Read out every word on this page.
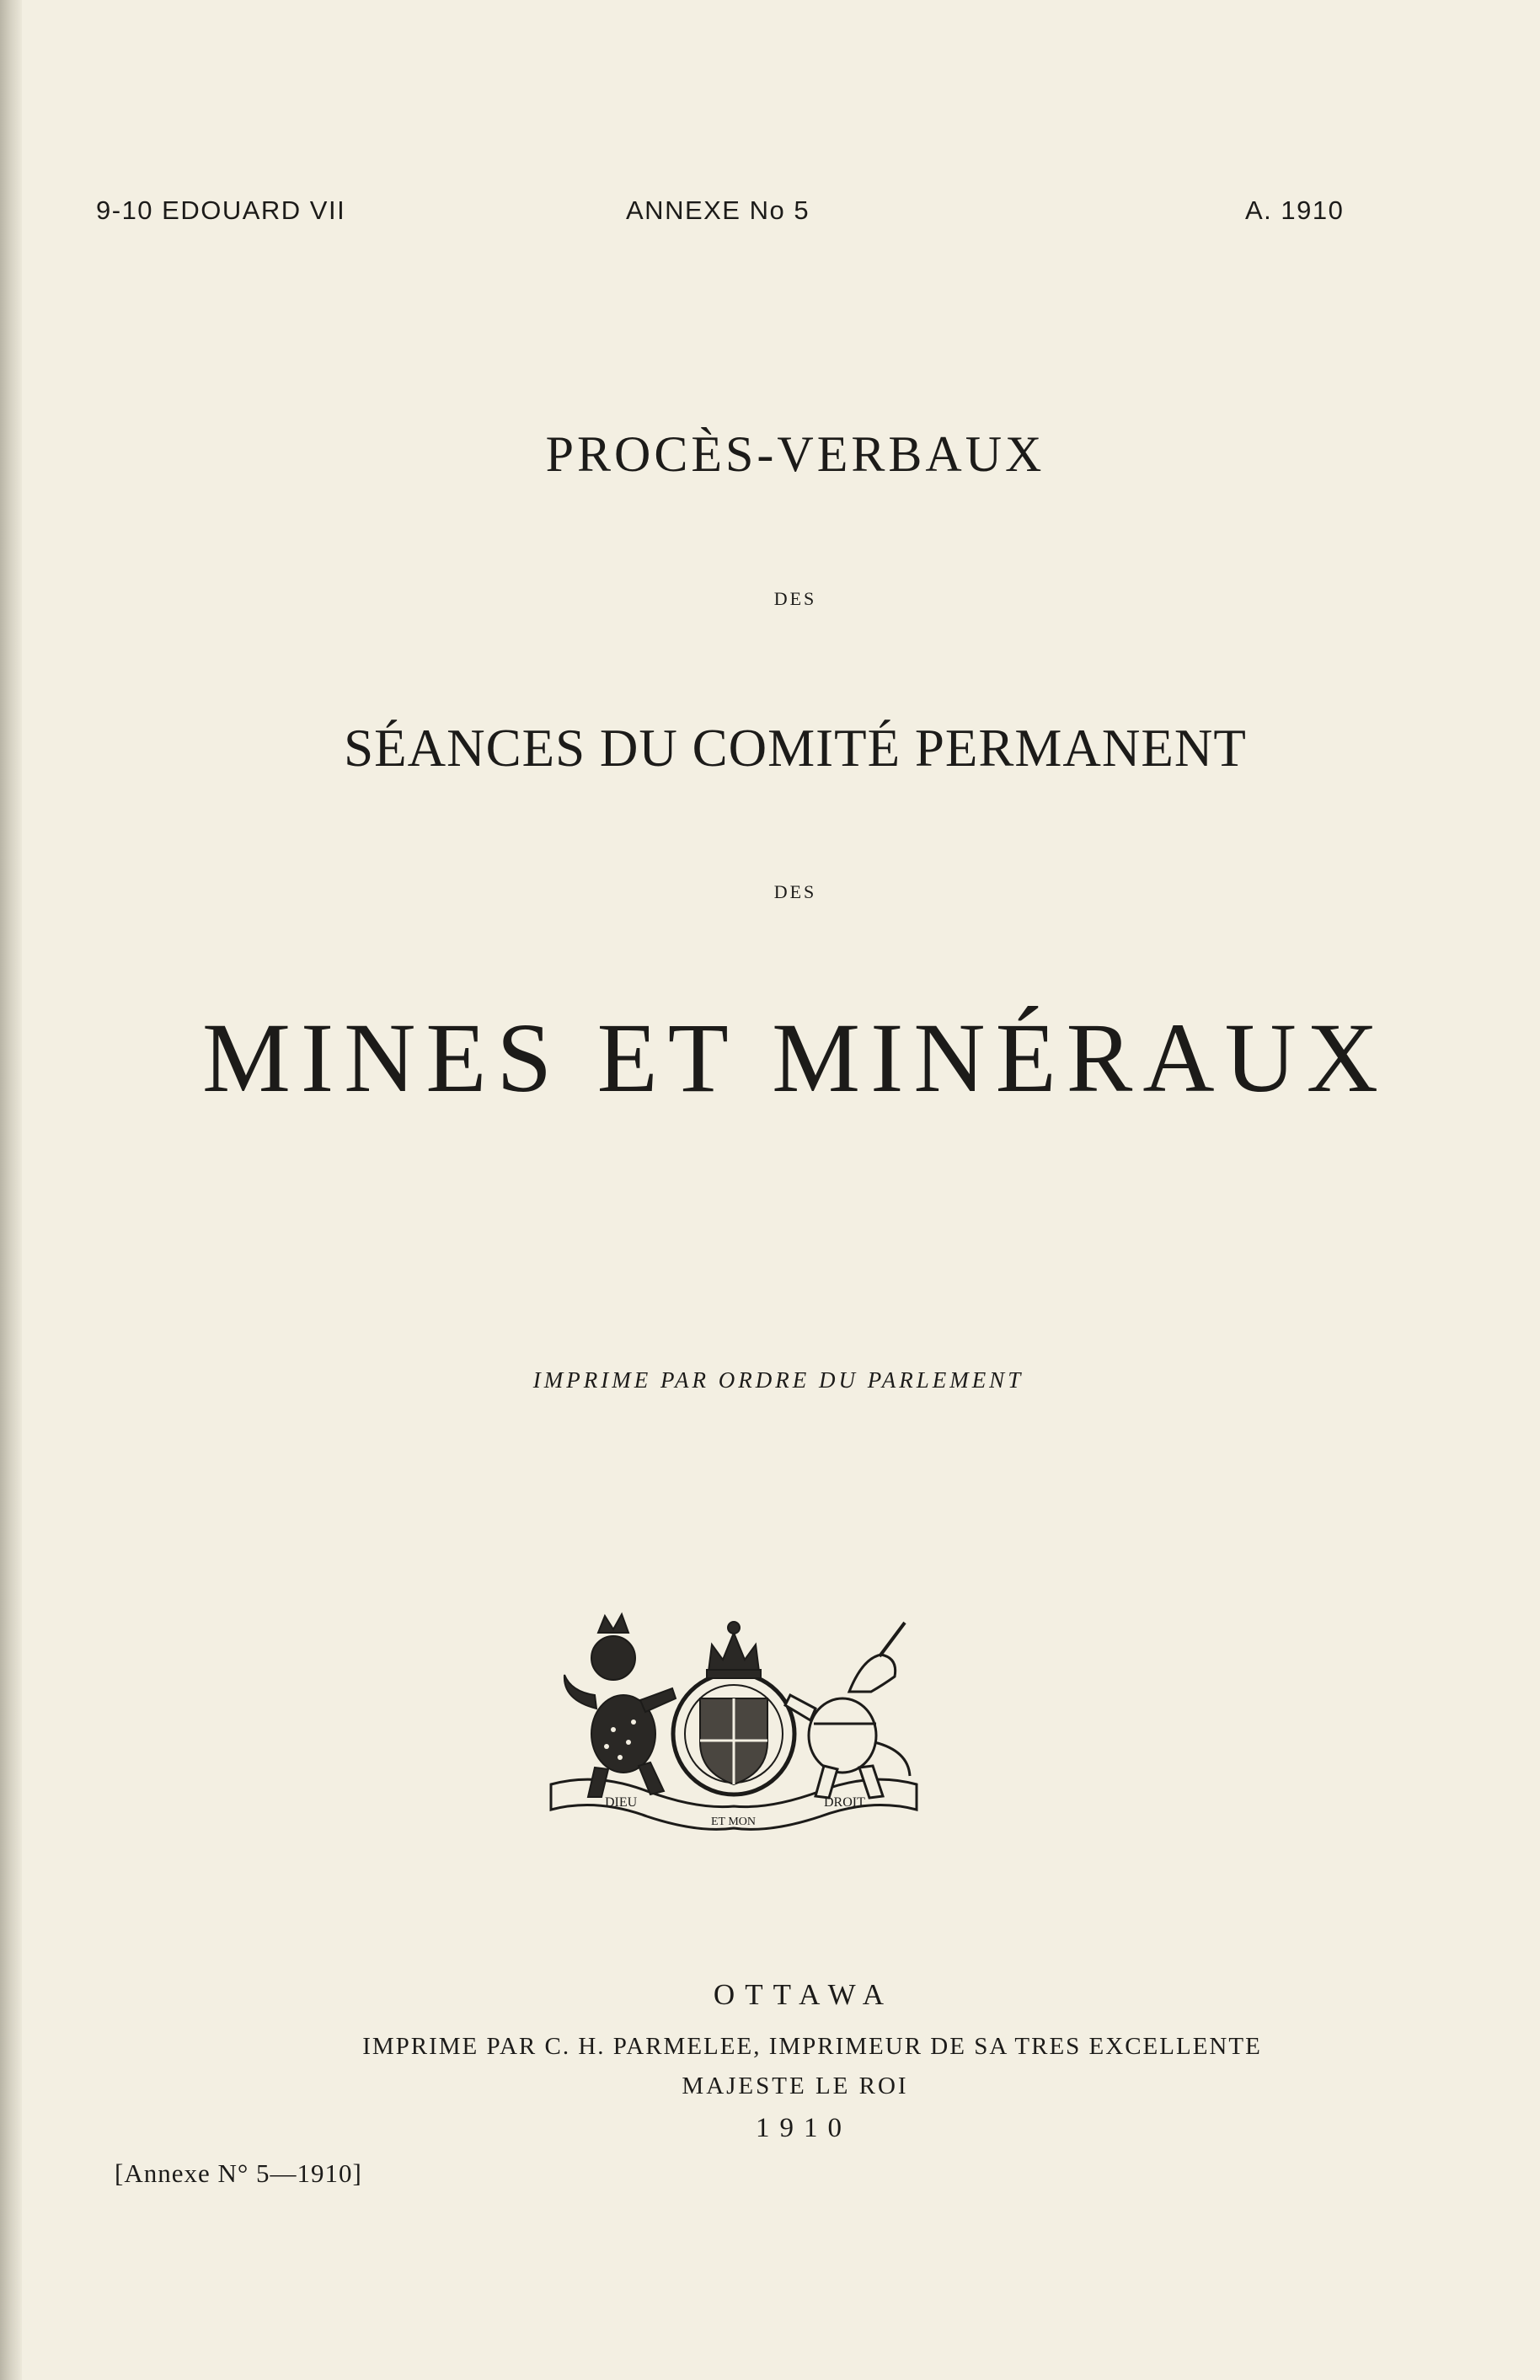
9-10 EDOUARD VII	ANNEXE No 5	A. 1910
PROCÈS-VERBAUX
DES
SÉANCES DU COMITÉ PERMANENT
DES
MINES ET MINÉRAUX
IMPRIME PAR ORDRE DU PARLEMENT
DIEU
ET MON
DROIT
OTTAWA
IMPRIME PAR C. H. PARMELEE, IMPRIMEUR DE SA TRES EXCELLENTE
MAJESTE LE ROI
1910
[Annexe N° 5—1910]
